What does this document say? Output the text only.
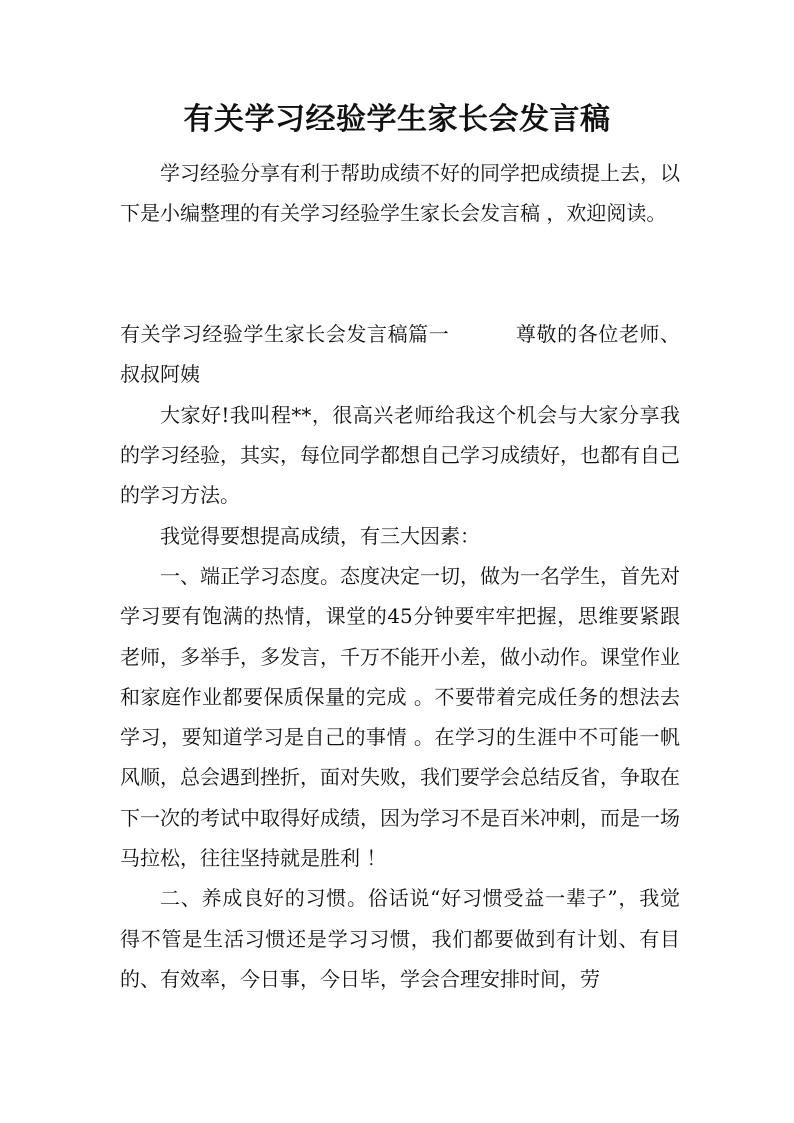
有关学习经验学生家长会发言稿

学习经验分享有利于帮助成绩不好的同学把成绩提上去，以下是小编整理的有关学习经验学生家长会发言稿 ，欢迎阅读。

有关学习经验学生家长会发言稿篇一	尊敬的各位老师、叔叔阿姨

大家好!我叫程**，很高兴老师给我这个机会与大家分享我的学习经验，其实，每位同学都想自己学习成绩好，也都有自己的学习方法。

我觉得要想提高成绩，有三大因素：

一、端正学习态度。态度决定一切，做为一名学生，首先对学习要有饱满的热情，课堂的45分钟要牢牢把握，思维要紧跟老师，多举手，多发言，千万不能开小差，做小动作。课堂作业和家庭作业都要保质保量的完成 。不要带着完成任务的想法去学习，要知道学习是自己的事情 。在学习的生涯中不可能一帆风顺，总会遇到挫折，面对失败，我们要学会总结反省，争取在下一次的考试中取得好成绩，因为学习不是百米冲刺，而是一场马拉松，往往坚持就是胜利 ！

二、养成良好的习惯。俗话说“好习惯受益一辈子”，我觉得不管是生活习惯还是学习习惯，我们都要做到有计划、有目的、有效率，今日事，今日毕，学会合理安排时间，劳
